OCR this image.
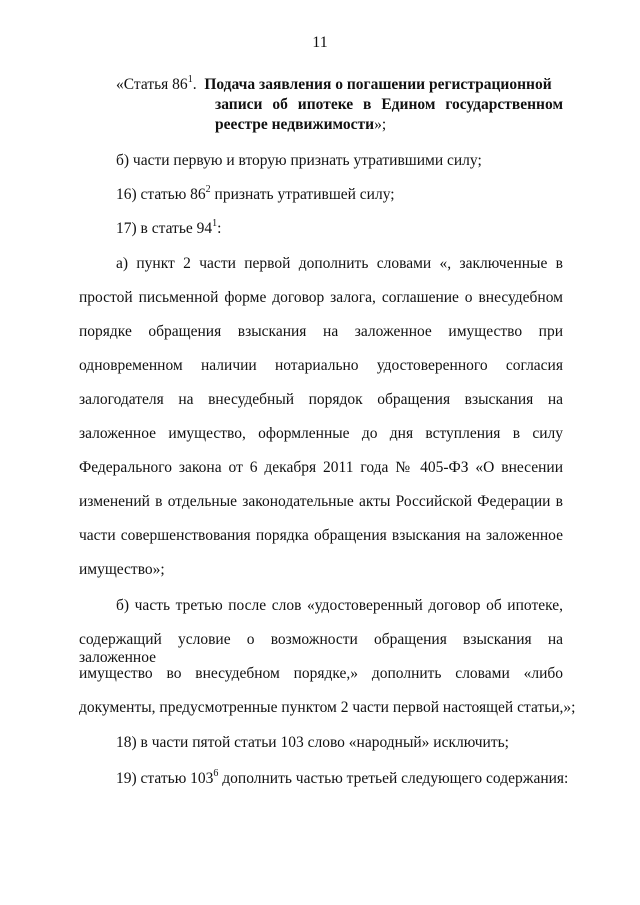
11
«Статья $86^1$. Подача заявления о погашении регистрационной
записи об ипотеке в Едином государственном
реестре недвижимости»;
б) части первую и вторую признать утратившими силу;
16) статью $86^2$ признать утратившей силу;
17) в статье $94^1$:
а) пункт 2 части первой дополнить словами «, заключенные в
простой письменной форме договор залога, соглашение о внесудебном
порядке обращения взыскания на заложенное имущество при
одновременном наличии нотариально удостоверенного согласия
залогодателя на внесудебный порядок обращения взыскания на
заложенное имущество, оформленные до дня вступления в силу
Федерального закона от 6 декабря 2011 года № 405-ФЗ «О внесении
изменений в отдельные законодательные акты Российской Федерации в
части совершенствования порядка обращения взыскания на заложенное
имущество»;
б) часть третью после слов «удостоверенный договор об ипотеке,
содержащий условие о возможности обращения взыскания на заложенное
имущество во внесудебном порядке,» дополнить словами «либо
документы, предусмотренные пунктом 2 части первой настоящей статьи,»;
18) в части пятой статьи 103 слово «народный» исключить;
19) статью $103^6$ дополнить частью третьей следующего содержания:
